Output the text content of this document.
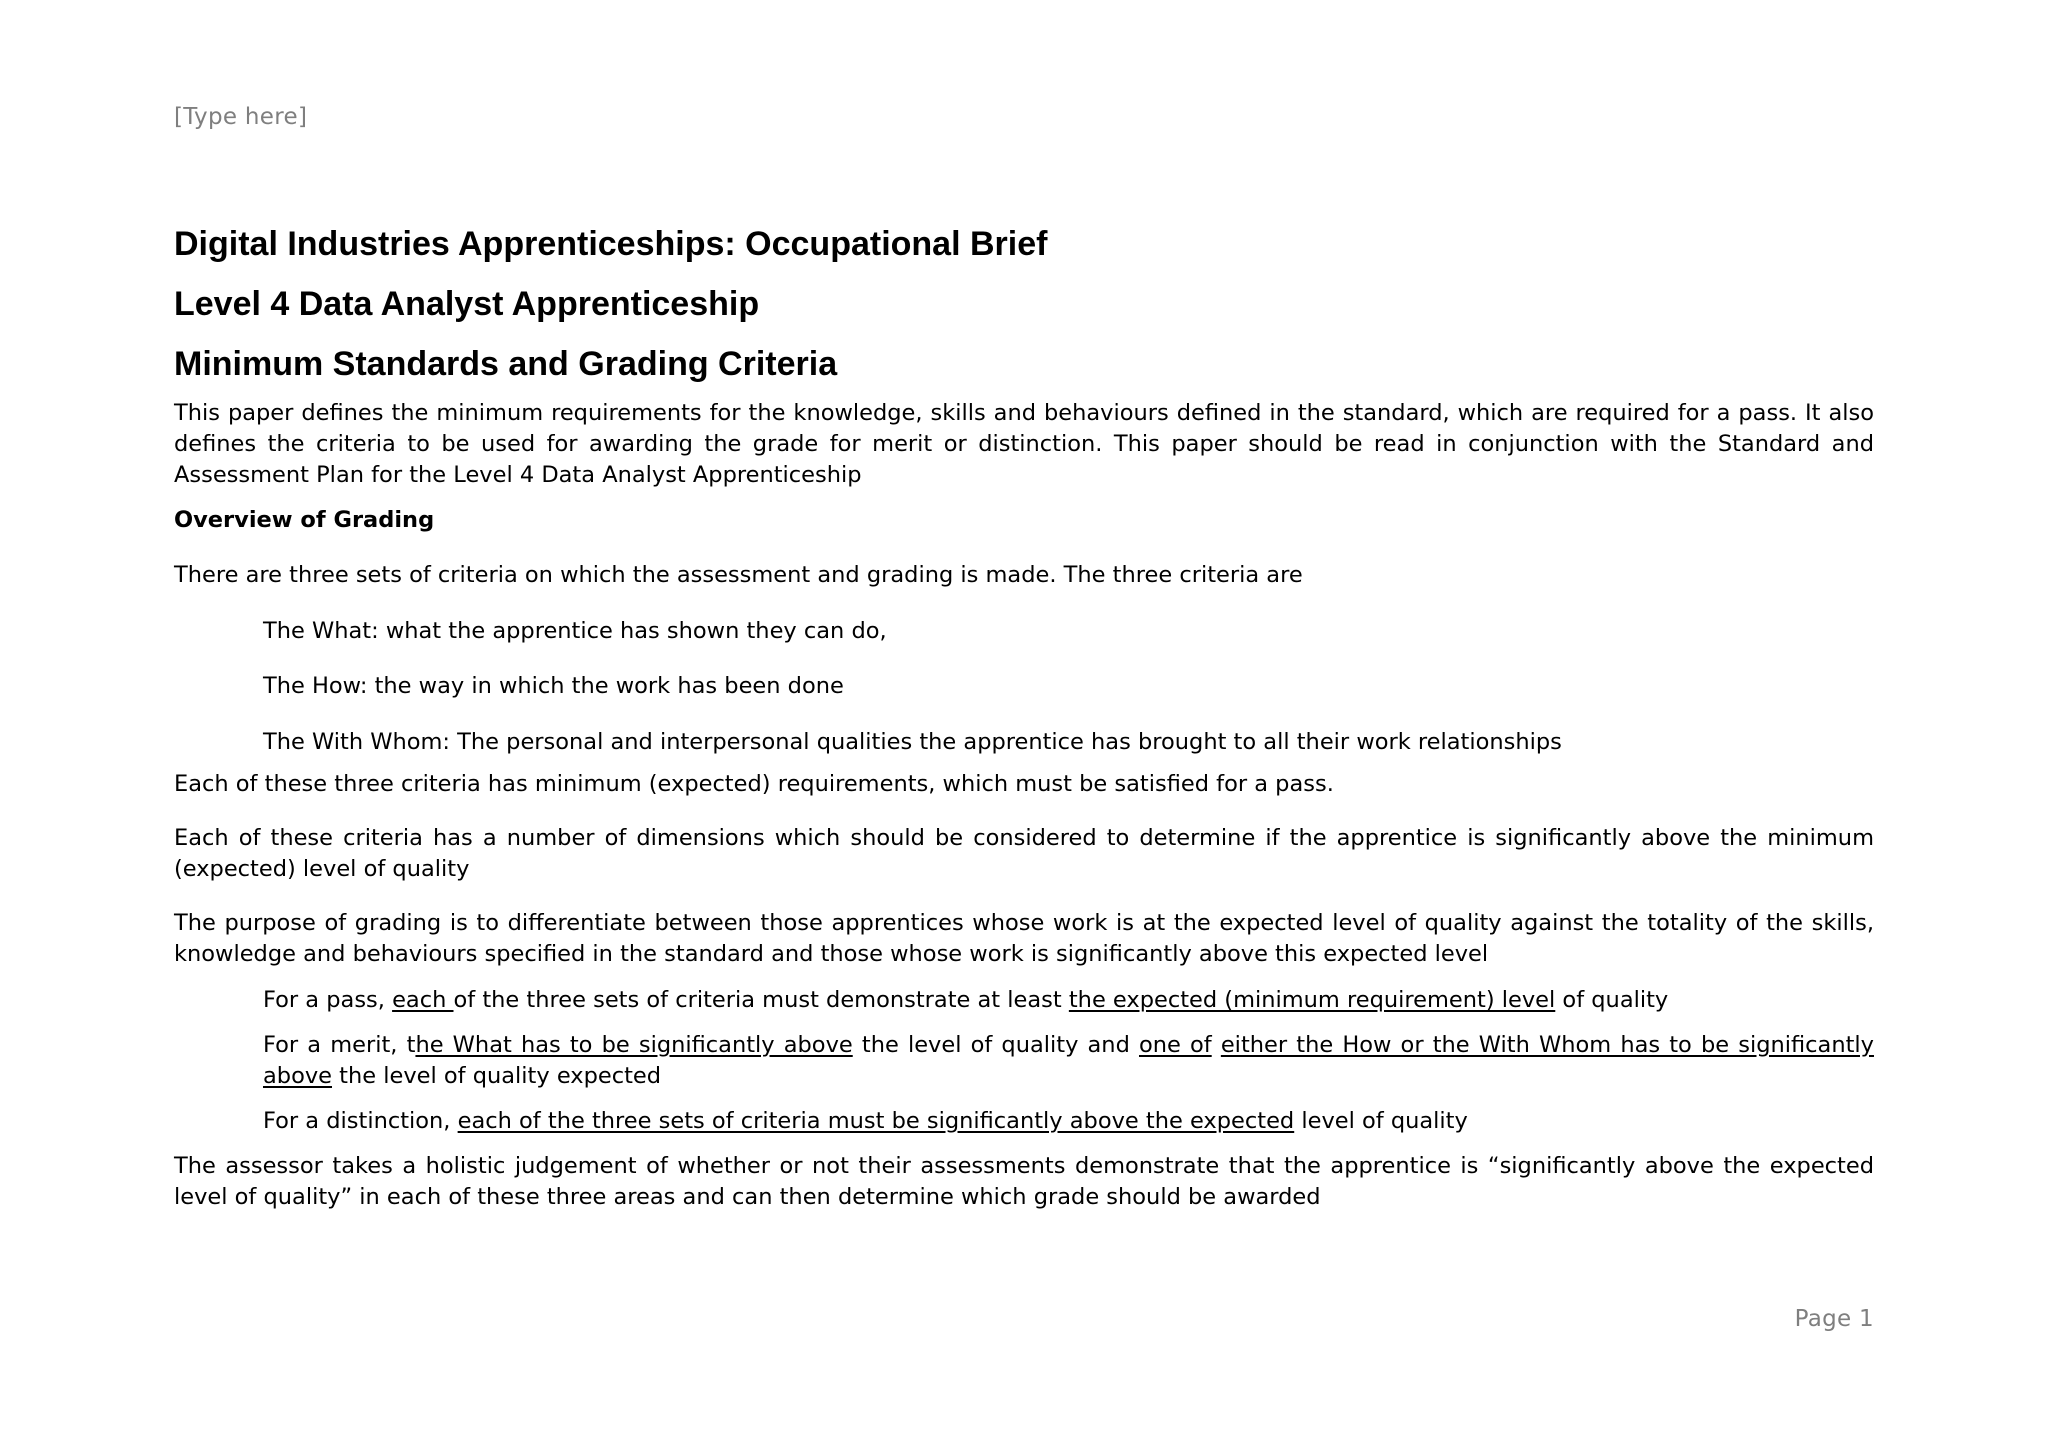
[Type here]
Digital Industries Apprenticeships: Occupational Brief
Level 4 Data Analyst Apprenticeship
Minimum Standards and Grading Criteria

This paper defines the minimum requirements for the knowledge, skills and behaviours defined in the standard, which are required for a pass. It also defines the criteria to be used for awarding the grade for merit or distinction. This paper should be read in conjunction with the Standard and Assessment Plan for the Level 4 Data Analyst Apprenticeship

Overview of Grading

There are three sets of criteria on which the assessment and grading is made. The three criteria are

The What: what the apprentice has shown they can do,

The How: the way in which the work has been done

The With Whom: The personal and interpersonal qualities the apprentice has brought to all their work relationships

Each of these three criteria has minimum (expected) requirements, which must be satisfied for a pass.

Each of these criteria has a number of dimensions which should be considered to determine if the apprentice is significantly above the minimum (expected) level of quality

The purpose of grading is to differentiate between those apprentices whose work is at the expected level of quality against the totality of the skills, knowledge and behaviours specified in the standard and those whose work is significantly above this expected level

For a pass, each of the three sets of criteria must demonstrate at least the expected (minimum requirement) level of quality

For a merit, the What has to be significantly above the level of quality and one of either the How or the With Whom has to be significantly above the level of quality expected

For a distinction, each of the three sets of criteria must be significantly above the expected level of quality

The assessor takes a holistic judgement of whether or not their assessments demonstrate that the apprentice is “significantly above the expected level of quality” in each of these three areas and can then determine which grade should be awarded

Page 1
